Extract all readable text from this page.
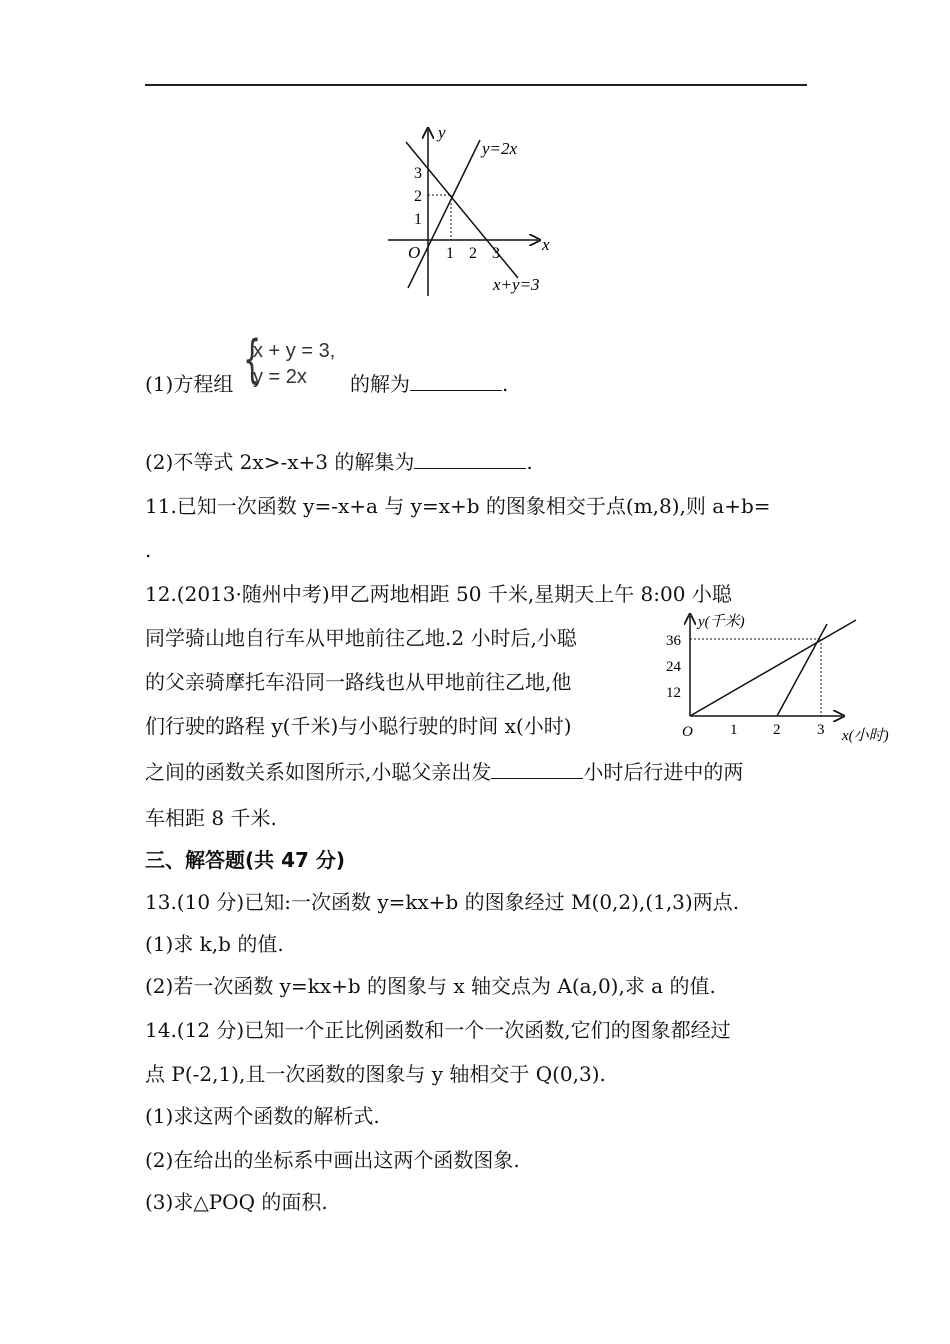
y
x
O
y=2x
x+y=3
3
2
1
1 2 3
{
x + y = 3,
y = 2x
(1)方程组	的解为	.
(2)不等式 2x>-x+3 的解集为	.
11.已知一次函数 y=-x+a 与 y=x+b 的图象相交于点(m,8),则 a+b=
.
12.(2013·随州中考)甲乙两地相距 50 千米,星期天上午 8:00 小聪
同学骑山地自行车从甲地前往乙地.2 小时后,小聪
的父亲骑摩托车沿同一路线也从甲地前往乙地,他
们行驶的路程 y(千米)与小聪行驶的时间 x(小时)
之间的函数关系如图所示,小聪父亲出发	小时后行进中的两
车相距 8 千米.
y(千米)
x(小时)
O
36
24
12
1 2 3
三、解答题(共 47 分)
13.(10 分)已知:一次函数 y=kx+b 的图象经过 M(0,2),(1,3)两点.
(1)求 k,b 的值.
(2)若一次函数 y=kx+b 的图象与 x 轴交点为 A(a,0),求 a 的值.
14.(12 分)已知一个正比例函数和一个一次函数,它们的图象都经过
点 P(-2,1),且一次函数的图象与 y 轴相交于 Q(0,3).
(1)求这两个函数的解析式.
(2)在给出的坐标系中画出这两个函数图象.
(3)求△POQ 的面积.
